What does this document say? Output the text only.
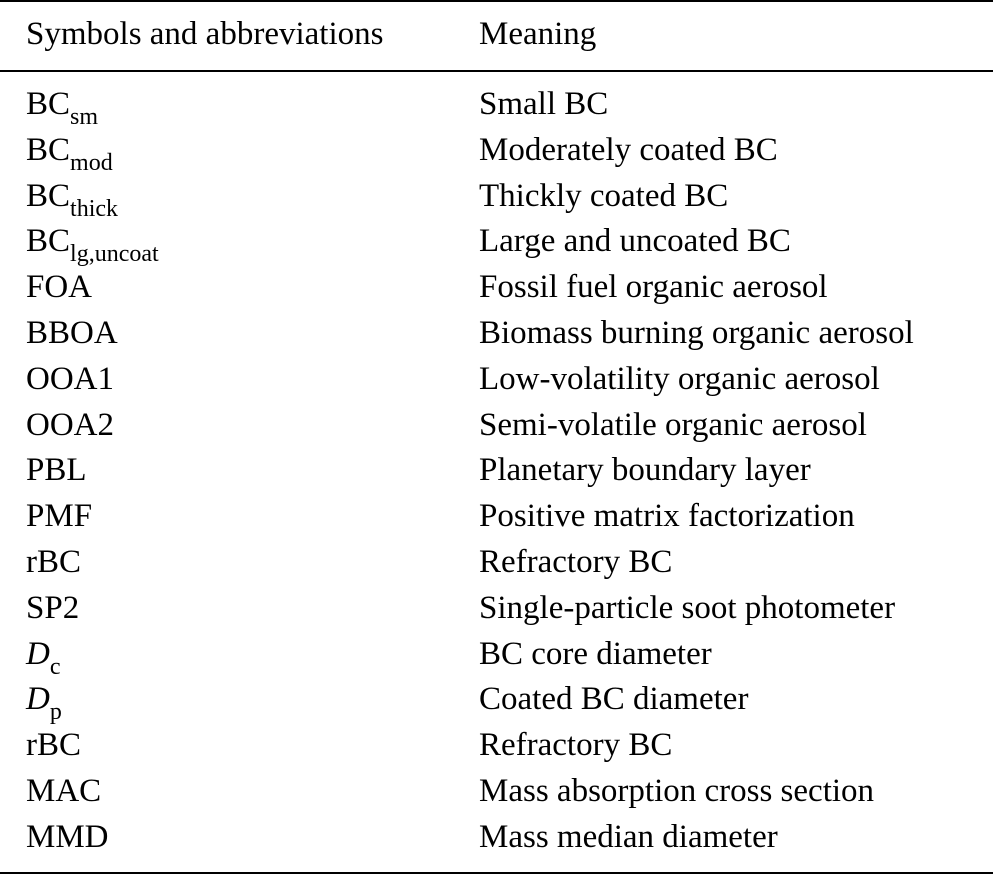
Symbols and abbreviations	Meaning
$BC_{sm}$	Small BC
$BC_{mod}$	Moderately coated BC
$BC_{thick}$	Thickly coated BC
$BC_{lg,uncoat}$	Large and uncoated BC
FOA	Fossil fuel organic aerosol
BBOA	Biomass burning organic aerosol
OOA1	Low-volatility organic aerosol
OOA2	Semi-volatile organic aerosol
PBL	Planetary boundary layer
PMF	Positive matrix factorization
rBC	Refractory BC
SP2	Single-particle soot photometer
$D_c$	BC core diameter
$D_p$	Coated BC diameter
rBC	Refractory BC
MAC	Mass absorption cross section
MMD	Mass median diameter
